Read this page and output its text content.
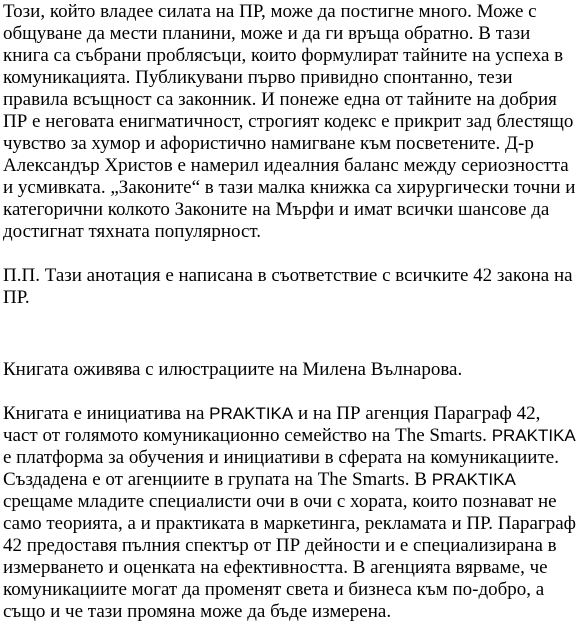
Този, който владее силата на ПР, може да постигне много. Може с общуване да мести планини, може и да ги връща обратно. В тази книга са събрани проблясъци, които формулират тайните на успеха в комуникацията. Публикувани първо привидно спонтанно, тези правила всъщност са законник. И понеже една от тайните на добрия ПР е неговата енигматичност, строгият кодекс е прикрит зад блестящо чувство за хумор и афористично намигване към посветените. Д-р Александър Христов е намерил идеалния баланс между сериозността и усмивката. „Законите“ в тази малка книжка са хирургически точни и категорични колкото Законите на Мърфи и имат всички шансове да достигнат тяхната популярност.

П.П. Тази анотация е написана в съответствие с всичките 42 закона на ПР.

Книгата оживява с илюстрациите на Милена Вълнарова.

Книгата е инициатива на PRAKTIKA и на ПР агенция Параграф 42, част от голямото комуникационно семейство на The Smarts. PRAKTIKA е платформа за обучения и инициативи в сферата на комуникациите. Създадена е от агенциите в групата на The Smarts. В PRAKTIKA срещаме младите специалисти очи в очи с хората, които познават не само теорията, а и практиката в маркетинга, рекламата и ПР. Параграф 42 предоставя пълния спектър от ПР дейности и е специализирана в измерването и оценката на ефективността. В агенцията вярваме, че комуникациите могат да променят света и бизнеса към по-добро, а също и че тази промяна може да бъде измерена.
